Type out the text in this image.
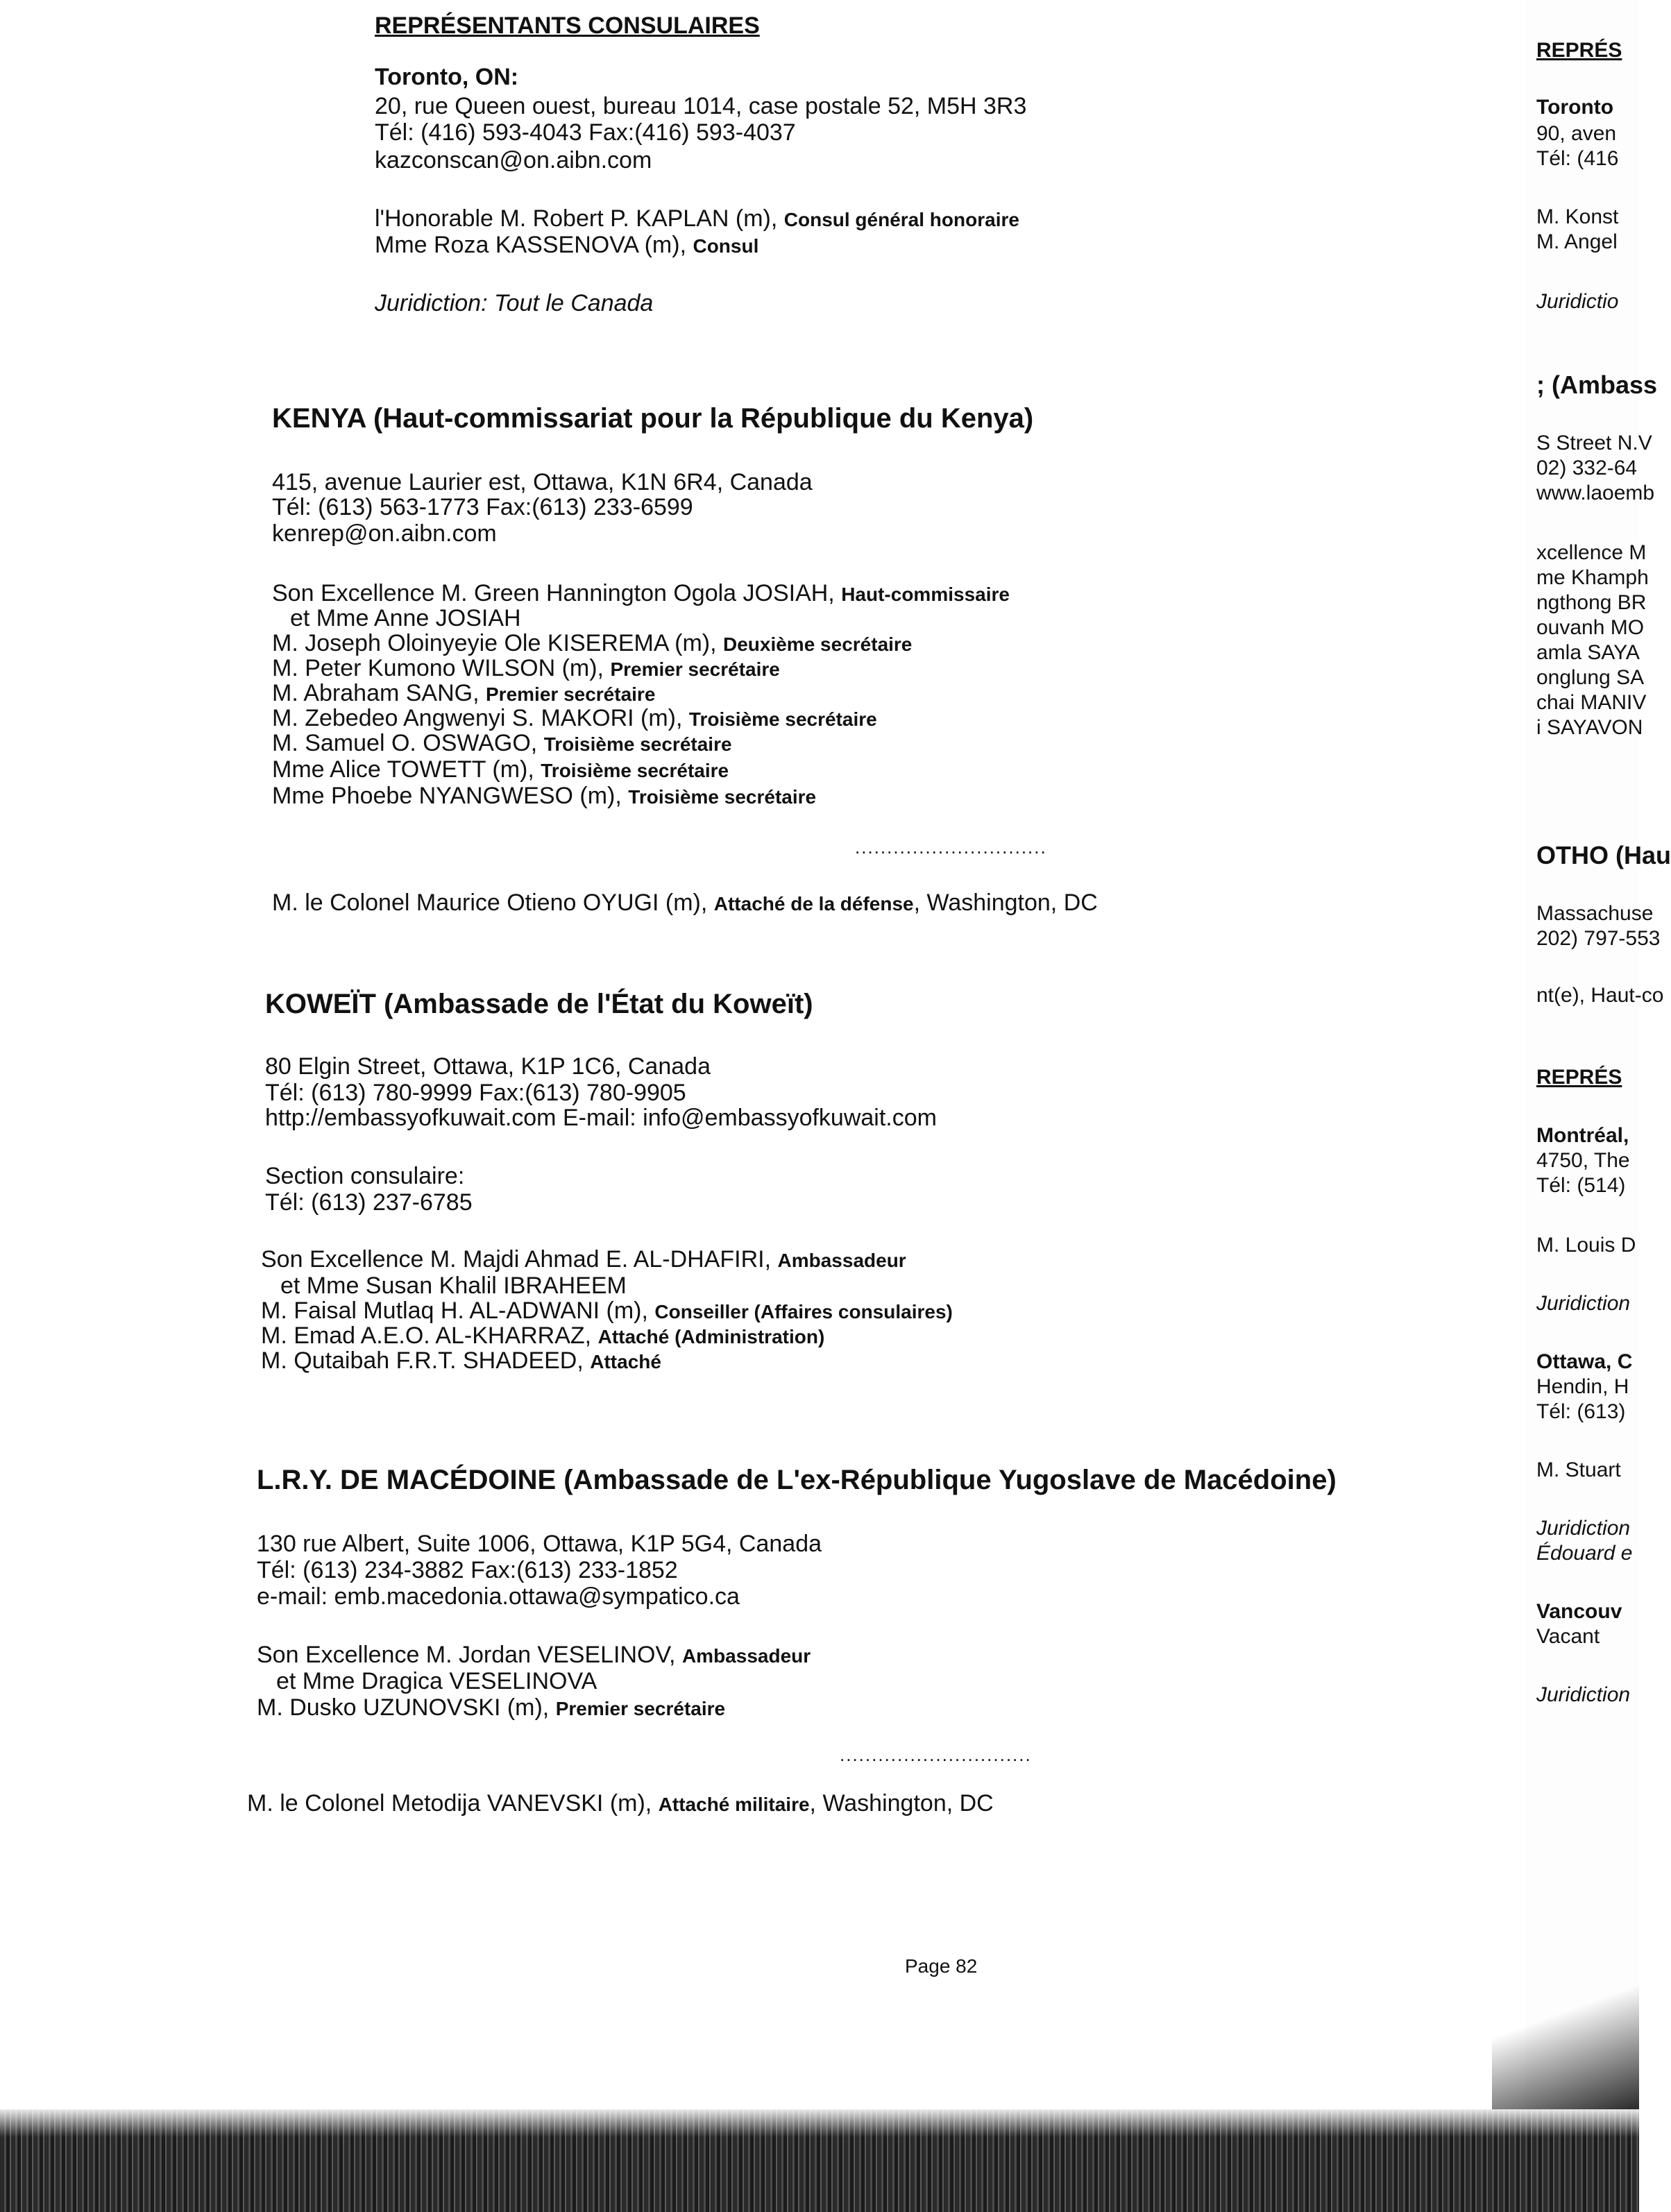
REPRÉSENTANTS CONSULAIRES
Toronto, ON:
20, rue Queen ouest, bureau 1014, case postale 52, M5H 3R3
Tél: (416) 593-4043 Fax:(416) 593-4037
kazconscan@on.aibn.com
l'Honorable M. Robert P. KAPLAN (m), Consul général honoraire
Mme Roza KASSENOVA (m), Consul
Juridiction: Tout le Canada
KENYA (Haut-commissariat pour la République du Kenya)
415, avenue Laurier est, Ottawa, K1N 6R4, Canada
Tél: (613) 563-1773 Fax:(613) 233-6599
kenrep@on.aibn.com
Son Excellence M. Green Hannington Ogola JOSIAH, Haut-commissaire
et Mme Anne JOSIAH
M. Joseph Oloinyeyie Ole KISEREMA (m), Deuxième secrétaire
M. Peter Kumono WILSON (m), Premier secrétaire
M. Abraham SANG, Premier secrétaire
M. Zebedeo Angwenyi S. MAKORI (m), Troisième secrétaire
M. Samuel O. OSWAGO, Troisième secrétaire
Mme Alice TOWETT (m), Troisième secrétaire
Mme Phoebe NYANGWESO (m), Troisième secrétaire
..............................
M. le Colonel Maurice Otieno OYUGI (m), Attaché de la défense, Washington, DC
KOWEÏT (Ambassade de l'État du Koweït)
80 Elgin Street, Ottawa, K1P 1C6, Canada
Tél: (613) 780-9999 Fax:(613) 780-9905
http://embassyofkuwait.com E-mail: info@embassyofkuwait.com
Section consulaire:
Tél: (613) 237-6785
Son Excellence M. Majdi Ahmad E. AL-DHAFIRI, Ambassadeur
et Mme Susan Khalil IBRAHEEM
M. Faisal Mutlaq H. AL-ADWANI (m), Conseiller (Affaires consulaires)
M. Emad A.E.O. AL-KHARRAZ, Attaché (Administration)
M. Qutaibah F.R.T. SHADEED, Attaché
L.R.Y. DE MACÉDOINE (Ambassade de L'ex-République Yugoslave de Macédoine)
130 rue Albert, Suite 1006, Ottawa, K1P 5G4, Canada
Tél: (613) 234-3882 Fax:(613) 233-1852
e-mail: emb.macedonia.ottawa@sympatico.ca
Son Excellence M. Jordan VESELINOV, Ambassadeur
et Mme Dragica VESELINOVA
M. Dusko UZUNOVSKI (m), Premier secrétaire
..............................
M. le Colonel Metodija VANEVSKI (m), Attaché militaire, Washington, DC
Page 82
REPRÉS
Toronto
90, aven
Tél: (416
M. Konst
M. Angel
Juridictio
; (Ambass
S Street N.V
02) 332-64
www.laoemb
xcellence M
me Khamph
ngthong BR
ouvanh MO
amla SAYA
onglung SA
chai MANIV
i SAYAVON
OTHO (Hau
Massachuse
202) 797-553
nt(e), Haut-co
REPRÉS
Montréal,
4750, The
Tél: (514)
M. Louis D
Juridiction
Ottawa, C
Hendin, H
Tél: (613)
M. Stuart
Juridiction
Édouard e
Vancouv
Vacant
Juridiction
